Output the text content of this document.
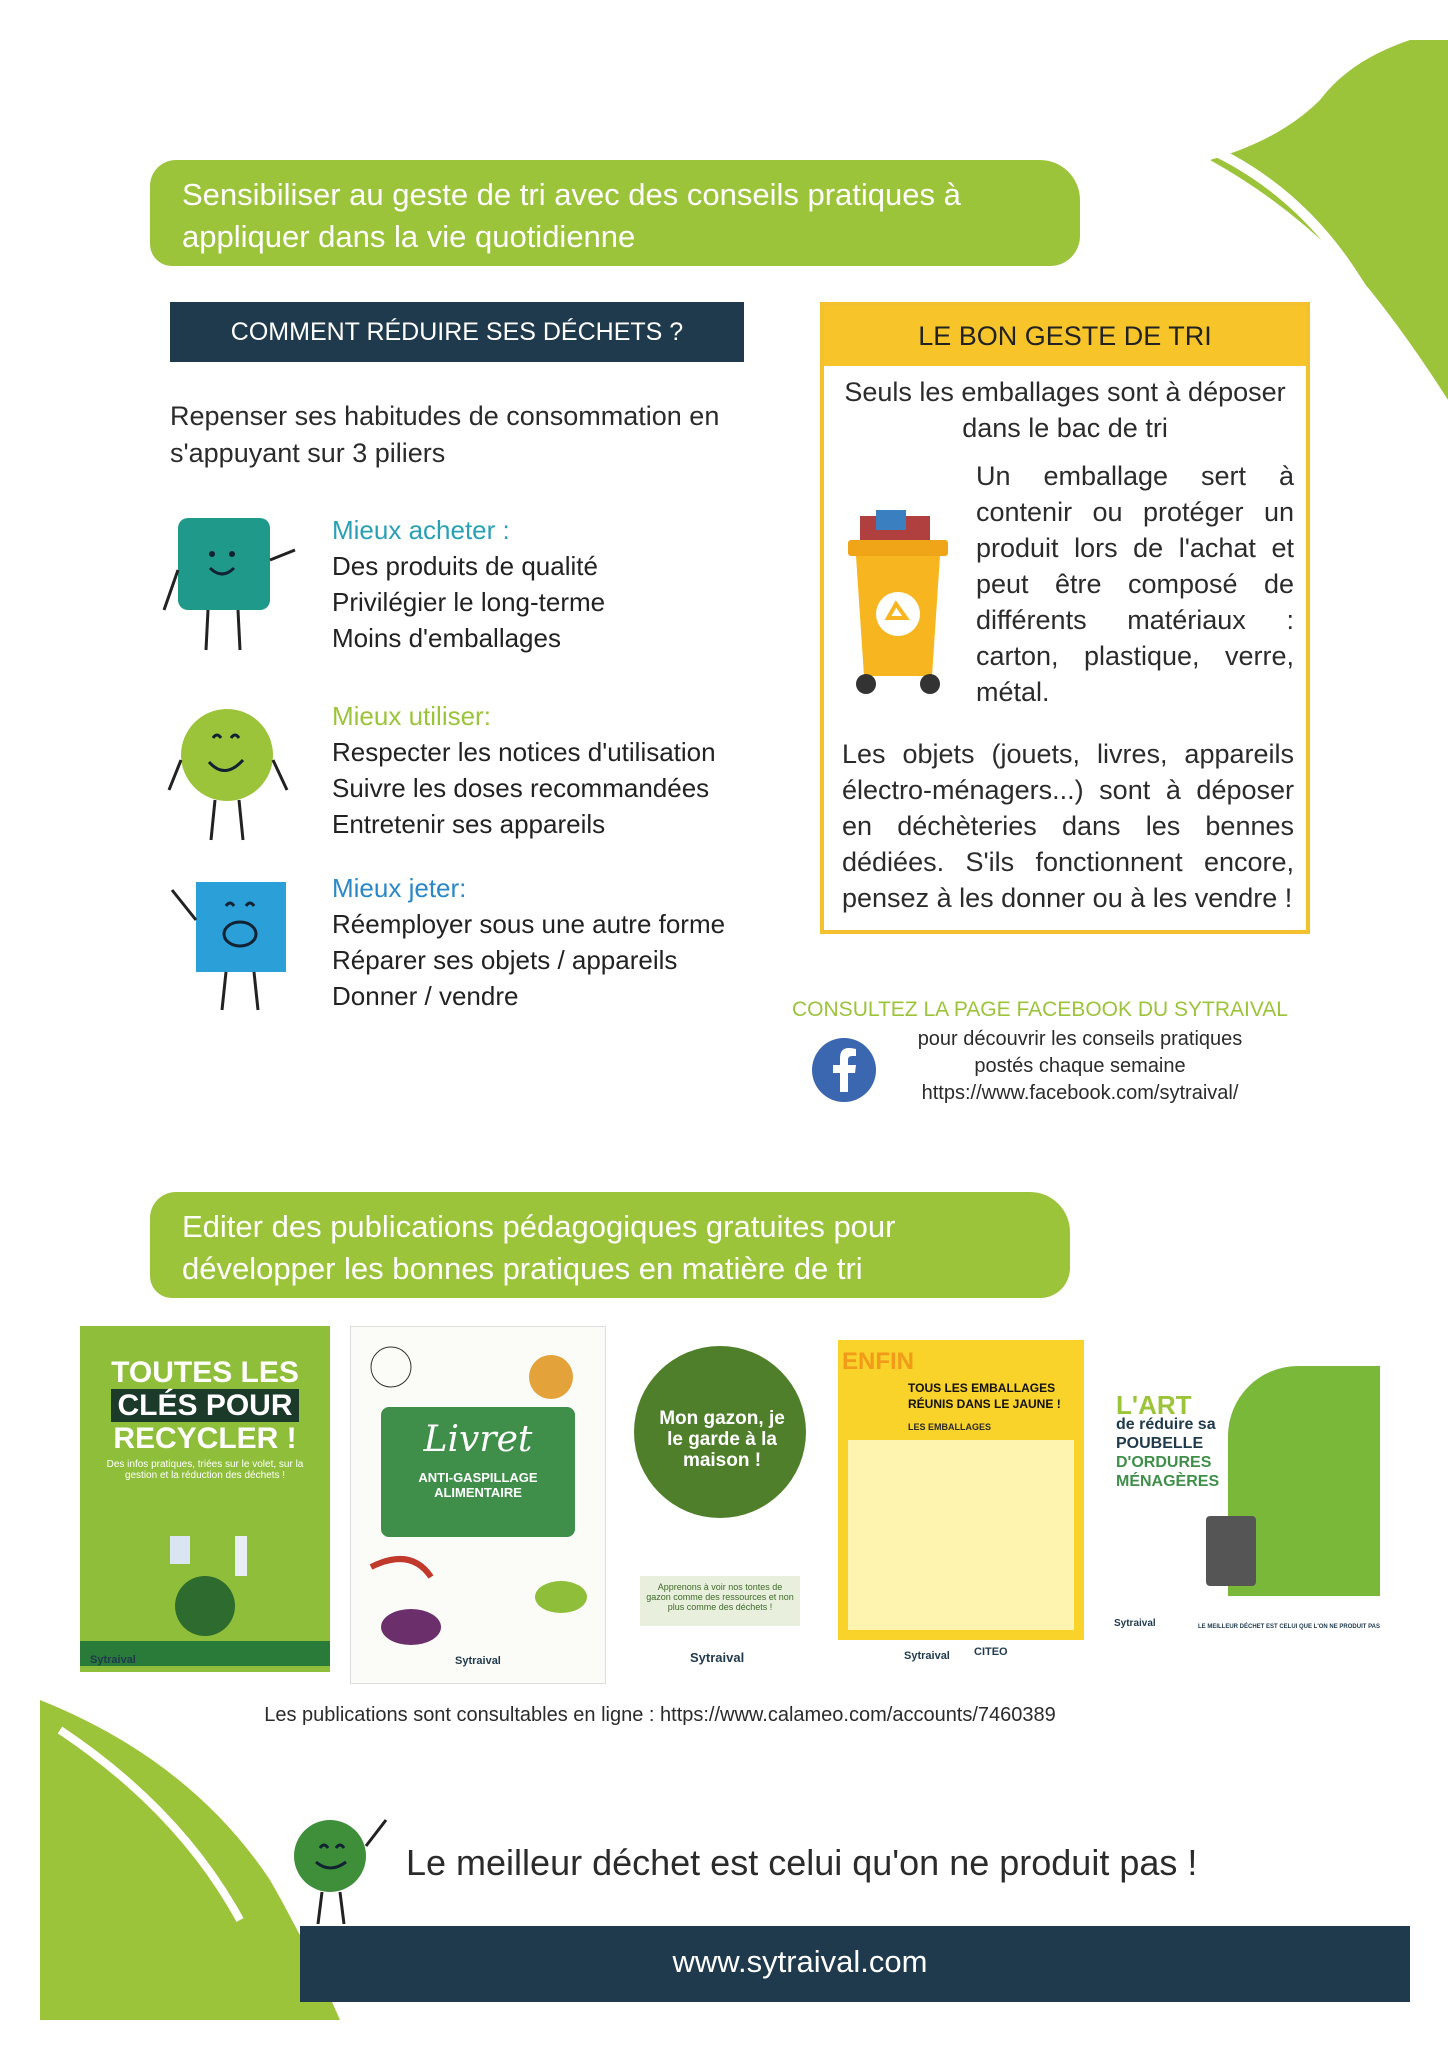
Sensibiliser au geste de tri avec des conseils pratiques à
appliquer dans la vie quotidienne
COMMENT RÉDUIRE SES DÉCHETS ?
Repenser ses habitudes de consommation en
s'appuyant sur 3 piliers
Mieux acheter :
Des produits de qualité
Privilégier le long-terme
Moins d'emballages
Mieux utiliser:
Respecter les notices d'utilisation
Suivre les doses recommandées
Entretenir ses appareils
Mieux jeter:
Réemployer sous une autre forme
Réparer ses objets / appareils
Donner / vendre
LE BON GESTE DE TRI
Seuls les emballages sont à déposer
dans le bac de tri
Un emballage sert à contenir ou protéger un produit lors de l'achat et peut être composé de différents matériaux : carton, plastique, verre, métal.
Les objets (jouets, livres, appareils électro-ménagers...) sont à déposer en déchèteries dans les bennes dédiées. S'ils fonctionnent encore, pensez à les donner ou à les vendre !
CONSULTEZ LA PAGE FACEBOOK DU SYTRAIVAL
pour découvrir les conseils pratiques
postés chaque semaine
https://www.facebook.com/sytraival/
Editer des publications pédagogiques gratuites pour
développer les bonnes pratiques en matière de tri
TOUTES LES
CLÉS POUR
RECYCLER !
Des infos pratiques, triées sur le volet, sur la gestion et la réduction des déchets !
Sytraival
Livret
ANTI-GASPILLAGE ALIMENTAIRE
Sytraival
Mon gazon, je
le garde à la
maison !
Apprenons à voir nos tontes de gazon comme des ressources et non plus comme des déchets !
Sytraival
ENFIN
TOUS LES EMBALLAGES
RÉUNIS DANS LE JAUNE !
LES EMBALLAGES
Sytraival CITEO
L'ART
de réduire sa
POUBELLE
D'ORDURES
MÉNAGÈRES
Sytraival	LE MEILLEUR DÉCHET EST CELUI QUE L'ON NE PRODUIT PAS
Les publications sont consultables en ligne : https://www.calameo.com/accounts/7460389
Le meilleur déchet est celui qu'on ne produit pas !
www.sytraival.com
